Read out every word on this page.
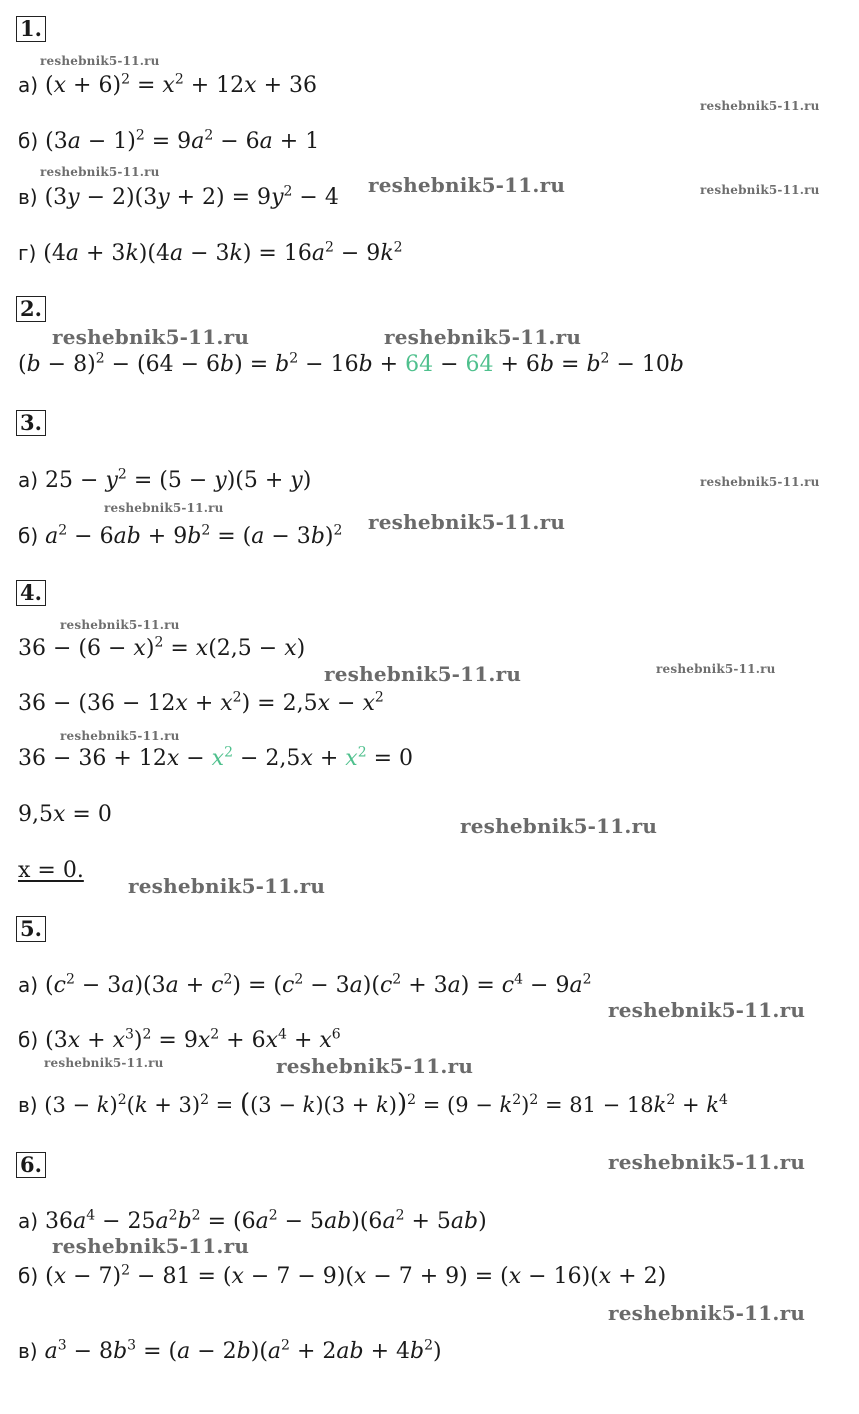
1.
а) $(x + 6)^2 = x^2 + 12x + 36$
б) $(3a - 1)^2 = 9a^2 - 6a + 1$
в) $(3y - 2)(3y + 2) = 9y^2 - 4$
г) $(4a + 3k)(4a - 3k) = 16a^2 - 9k^2$
2.
$(b - 8)^2 - (64 - 6b) = b^2 - 16b + 64 - 64 + 6b = b^2 - 10b$
3.
а) $25 - y^2 = (5 - y)(5 + y)$
б) $a^2 - 6ab + 9b^2 = (a - 3b)^2$
4.
$36 - (6 - x)^2 = x(2,5 - x)$
$36 - (36 - 12x + x^2) = 2,5x - x^2$
$36 - 36 + 12x - x^2 - 2,5x + x^2 = 0$
9,5x = 0
x = 0.
5.
а) $(c^2 - 3a)(3a + c^2) = (c^2 - 3a)(c^2 + 3a) = c^4 - 9a^2$
б) $(3x + x^3)^2 = 9x^2 + 6x^4 + x^6$
в) $(3 - k)^2(k + 3)^2 = ((3 - k)(3 + k))^2 = (9 - k^2)^2 = 81 - 18k^2 + k^4$
6.
а) $36a^4 - 25a^2b^2 = (6a^2 - 5ab)(6a^2 + 5ab)$
б) $(x - 7)^2 - 81 = (x - 7 - 9)(x - 7 + 9) = (x - 16)(x + 2)$
в) $a^3 - 8b^3 = (a - 2b)(a^2 + 2ab + 4b^2)$
reshebnik5-11.ru
reshebnik5-11.ru
reshebnik5-11.ru
reshebnik5-11.ru	reshebnik5-11.ru
reshebnik5-11.ru	reshebnik5-11.ru
reshebnik5-11.ru
reshebnik5-11.ru
reshebnik5-11.ru
reshebnik5-11.ru
reshebnik5-11.ru	reshebnik5-11.ru
reshebnik5-11.ru
reshebnik5-11.ru
reshebnik5-11.ru
reshebnik5-11.ru
reshebnik5-11.ru	reshebnik5-11.ru
reshebnik5-11.ru
reshebnik5-11.ru
reshebnik5-11.ru
